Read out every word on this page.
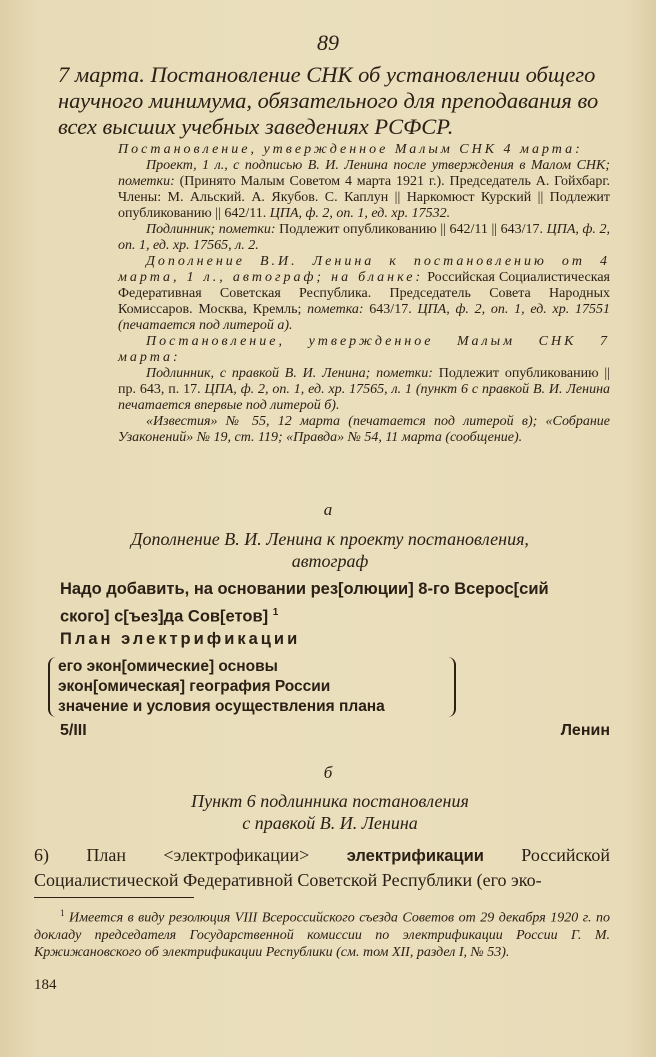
89
7 марта. Постановление СНК об установлении общего научного минимума, обязательного для преподавания во всех высших учебных заведениях РСФСР.

Постановление, утвержденное Малым СНК 4 марта:

Проект, 1 л., с подписью В. И. Ленина после утверждения в Малом СНК; пометки: (Принято Малым Советом 4 марта 1921 г.). Председатель А. Гойхбарг. Члены: М. Альский. А. Якубов. С. Каплун || Наркомюст Курский || Подлежит опубликованию || 642/11. ЦПА, ф. 2, оп. 1, ед. хр. 17532.

Подлинник; пометки: Подлежит опубликованию || 642/11 || 643/17. ЦПА, ф. 2, оп. 1, ед. хр. 17565, л. 2.

Дополнение В.И. Ленина к постановлению от 4 марта, 1 л., автограф; на бланке: Российская Социалистическая Федеративная Советская Республика. Председатель Совета Народных Комиссаров. Москва, Кремль; пометка: 643/17. ЦПА, ф. 2, оп. 1, ед. хр. 17551 (печатается под литерой а).

Постановление, утвержденное Малым СНК 7 марта:

Подлинник, с правкой В. И. Ленина; пометки: Подлежит опубликованию || пр. 643, п. 17. ЦПА, ф. 2, оп. 1, ед. хр. 17565, л. 1 (пункт 6 с правкой В. И. Ленина печатается впервые под литерой б).

«Известия» № 55, 12 марта (печатается под литерой в); «Собрание Узаконений» № 19, ст. 119; «Правда» № 54, 11 марта (сообщение).

а
Дополнение В. И. Ленина к проекту постановления,
автограф
Надо добавить, на основании рез[олюции] 8-го Всерос[сий
ского] с[ъез]да Сов[етов] $^1$
План электрификации
его экон[омические] основы
экон[омическая] география России
значение и условия осуществления плана
5/III	Ленин
б
Пункт 6 подлинника постановления
с правкой В. И. Ленина

6) План <электрофикации> электрификации Российской Социалистической Федеративной Советской Республики (его эко-

$^1$ Имеется в виду резолюция VIII Всероссийского съезда Советов от 29 декабря 1920 г. по докладу председателя Государственной комиссии по электрификации России Г. М. Кржижановского об электрификации Республики (см. том XII, раздел I, № 53).

184
